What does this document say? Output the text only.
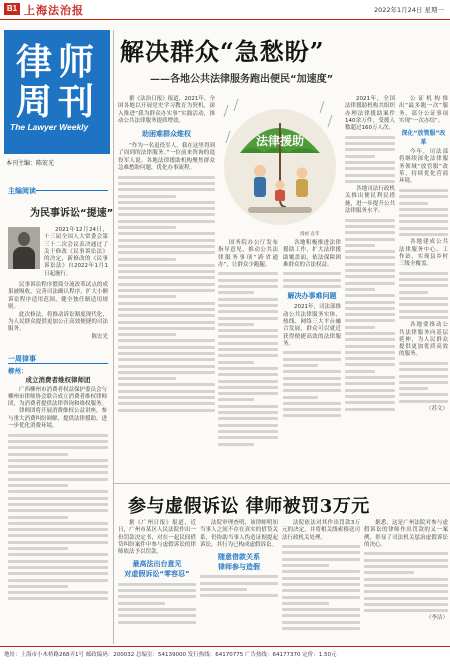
B1 上海法治报	2022年1月24日 星期一
律师
周刊
The Lawyer Weekly
本刊主编：陈宏光
主编阅读
为民事诉讼“提速”

2021年12月24日，十三届全国人大常委会第三十二次会议表决通过了关于修改《民事诉讼法》的决定，新修改的《民事诉讼法》自2022年1月1日起施行。

民事诉讼程序繁简分流改革试点的成果被吸收，完善司法确认程序，扩大小额诉讼程序适用范围，健全独任制适用规则。

此次修法，将推动诉讼制度现代化，为人民群众提供更加公正高效便捷的司法服务。

陈宏光
一周律事
柳州：
成立消费者维权律师团

广西柳州市消费者权益保护委员会与柳州市律师协会联合成立消费者维权律师团，为消费者提供法律咨询和维权服务。

律师团将开展消费维权公益讲座，参与重大消费纠纷调解，提供法律援助，进一步优化消费环境。

解决群众“急愁盼”
——各地公共法律服务跑出便民“加速度”

据《法治日报》报道，2021年，全国各地以开展党史学习教育为契机，深入推进“我为群众办实事”实践活动，推动公共法律服务提质增效。

助困难群众维权

“作为一名退役军人，我在这里得到了周到的法律服务。”一位前来咨询的退役军人说。各地法律援助机构聚焦群众急难愁盼问题，优化办事流程。

法律援助
漫画 袁华

国务院办公厅发布指导意见，推动公共法律服务事项“跨省通办”，让群众少跑腿。

各地积极推进法律援助工作，扩大法律援助覆盖面，依法保障困难群众的合法权益。

解决办事难问题

2021年，司法部推动公共法律服务实体、热线、网络三大平台融合发展，群众可以就近获得便捷高效的法律服务。

2021年，全国法律援助机构共组织办理法律援助案件140余万件，受援人数超过160万人次。

各地司法行政机关推出便民利民措施，进一步提升公共法律服务水平。

公证机构推出“最多跑一次”服务，部分公证事项实现“一次办结”。

深化“放管服”改革

今年，司法部将继续深化法律服务领域“放管服”改革，持续优化营商环境。

各地建成公共法律服务中心、工作站，实现县乡村三级全覆盖。

各地要推动公共法律服务向基层延伸，为人民群众提供更加优质高效的服务。

（苏文）
参与虚假诉讼 律师被罚3万元

据《广州日报》报道，近日，广州市某区人民法院作出一份罚款决定书，对在一起民间借贷纠纷案件中参与虚假诉讼的律师依法予以罚款。

最高法出台意见
对虚假诉讼“零容忍”

法院审理查明，该律师明知当事人之间不存在真实的借贷关系，仍协助当事人伪造证据提起诉讼，其行为已构成虚假诉讼。

随意借款关系
律师参与造假

法院依法对其作出罚款3万元的决定，并将相关线索移送司法行政机关处理。

据悉，这是广州法院对参与虚假诉讼的律师作出罚款的又一案例，彰显了司法机关惩治虚假诉讼的决心。

（李洁）
地址：上海市小木桥路268弄1号 邮政编码：200032 总编室：54139000 发行热线：64170775 广告热线：64177370 定价：1.50元
